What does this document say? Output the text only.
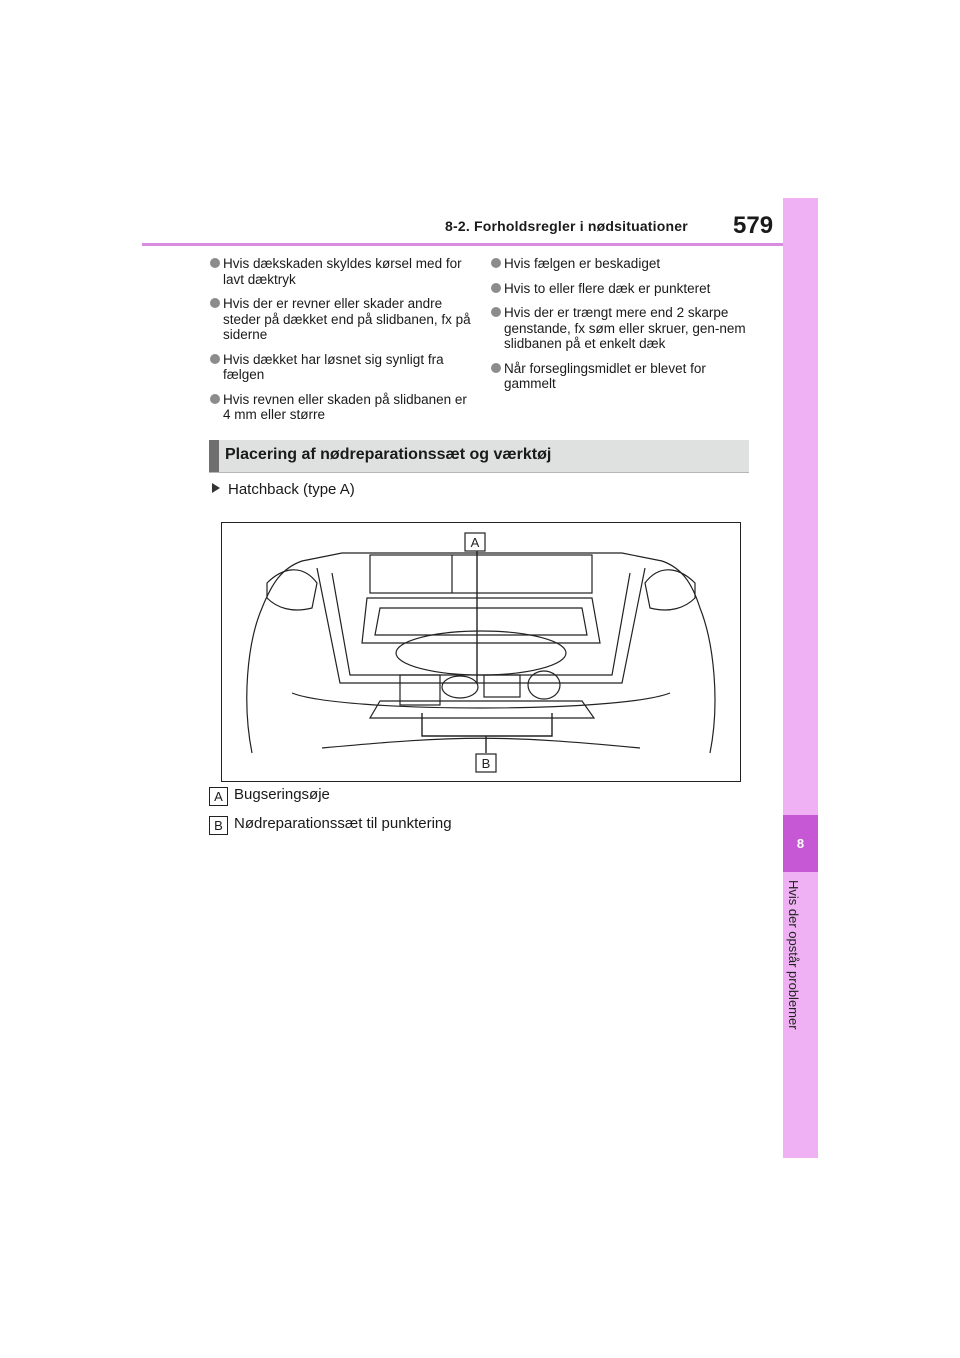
8-2. Forholdsregler i nødsituationer 579
8
Hvis der opstår problemer
Hvis dækskaden skyldes kørsel med for lavt dæktryk
Hvis der er revner eller skader andre steder på dækket end på slidbanen, fx på siderne
Hvis dækket har løsnet sig synligt fra fælgen
Hvis revnen eller skaden på slidbanen er 4 mm eller større
Hvis fælgen er beskadiget
Hvis to eller flere dæk er punkteret
Hvis der er trængt mere end 2 skarpe genstande, fx søm eller skruer, gen-nem slidbanen på et enkelt dæk
Når forseglingsmidlet er blevet for gammelt
Placering af nødreparationssæt og værktøj
Hatchback (type A)
A
B
A Bugseringsøje
B Nødreparationssæt til punktering
